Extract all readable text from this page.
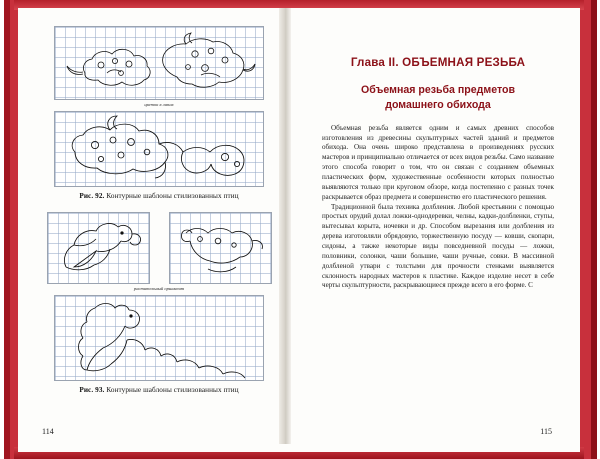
цветок в лапах
Рис. 92. Контурные шаблоны стилизованных птиц
растительный орнамент
Рис. 93. Контурные шаблоны стилизованных птиц
114
Глава II. ОБЪЕМНАЯ РЕЗЬБА
Объемная резьба предметов
домашнего обихода

Объемная резьба является одним и самых древних способов изготовления из древесины скульптурных частей зданий и предметов обихода. Она очень широко представлена в произведениях русских мастеров и принципиально отличается от всех видов резьбы. Само название этого способа говорит о том, что он связан с созданием объемных пластических форм, художественные особенности которых полностью выявляются только при круговом обзоре, когда постепенно с разных точек раскрывается образ предмета и совершенство его пластического решения.

Традиционной была техника долбления. Любой крестьянин с помощью простых орудий долал ложки-однодеревки, челны, кадки-долбленки, ступы, вытесывал корыта, ночевки и др. Способом вырезания или долбления из дерева изготовляли обрядовую, торжественную посуду — ковши, скопари, сидоны, а также некоторые виды повседневной посуды — ложки, половники, солонки, чаши большие, чаши ручные, совки. В массивной долбленой утвари с толстыми для прочности стенками выявляется склонность народных мастеров к пластике. Каждое изделие несет в себе черты скульптурности, раскрывающиеся прежде всего в его форме. С

115
